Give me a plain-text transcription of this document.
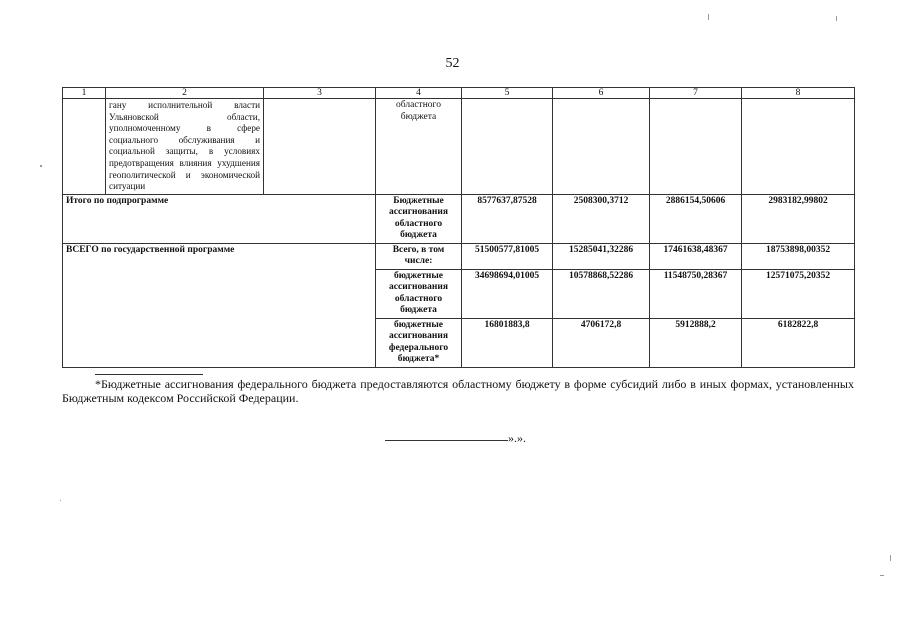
52
1	2	3	4	5	6	7	8
	гану исполнительной власти Ульяновской области, уполномоченному в сфере социального обслуживания и социальной защиты, в условиях предотвращения влияния ухудшения геополитической и экономической ситуации		областного бюджета				
Итого по подпрограмме			Бюджетные ассигнования областного бюджета	8577637,87528	2508300,3712	2886154,50606	2983182,99802
ВСЕГО по государственной программе			Всего, в том числе:	51500577,81005	15285041,32286	17461638,48367	18753898,00352
			бюджетные ассигнования областного бюджета	34698694,01005	10578868,52286	11548750,28367	12571075,20352
			бюджетные ассигнования федерального бюджета*	16801883,8	4706172,8	5912888,2	6182822,8
*Бюджетные ассигнования федерального бюджета предоставляются областному бюджету в форме субсидий либо в иных формах, установленных Бюджетным кодексом Российской Федерации.
».».
